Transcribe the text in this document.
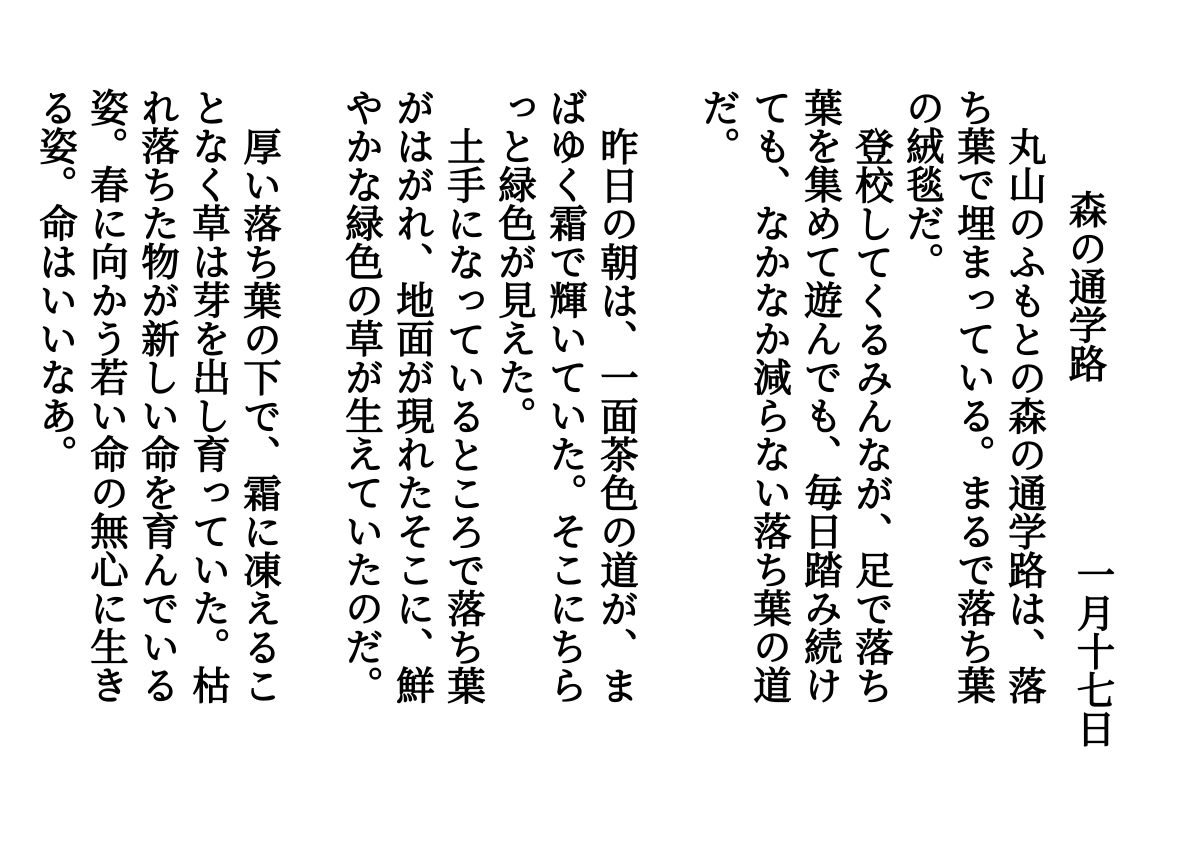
森の通学路
一月十七日

丸山のふもとの森の通学路は、落ち葉で埋まっている。まるで落ち葉の絨毯だ。

登校してくるみんなが、足で落ち葉を集めて遊んでも、毎日踏み続けても、なかなか減らない落ち葉の道だ。

昨日の朝は、一面茶色の道が、まばゆく霜で輝いていた。そこにちらっと緑色が見えた。

土手になっているところで落ち葉がはがれ、地面が現れたそこに、鮮やかな緑色の草が生えていたのだ。

厚い落ち葉の下で、霜に凍えることなく草は芽を出し育っていた。枯れ落ちた物が新しい命を育んでいる姿。春に向かう若い命の無心に生きる姿。命はいいなあ。
